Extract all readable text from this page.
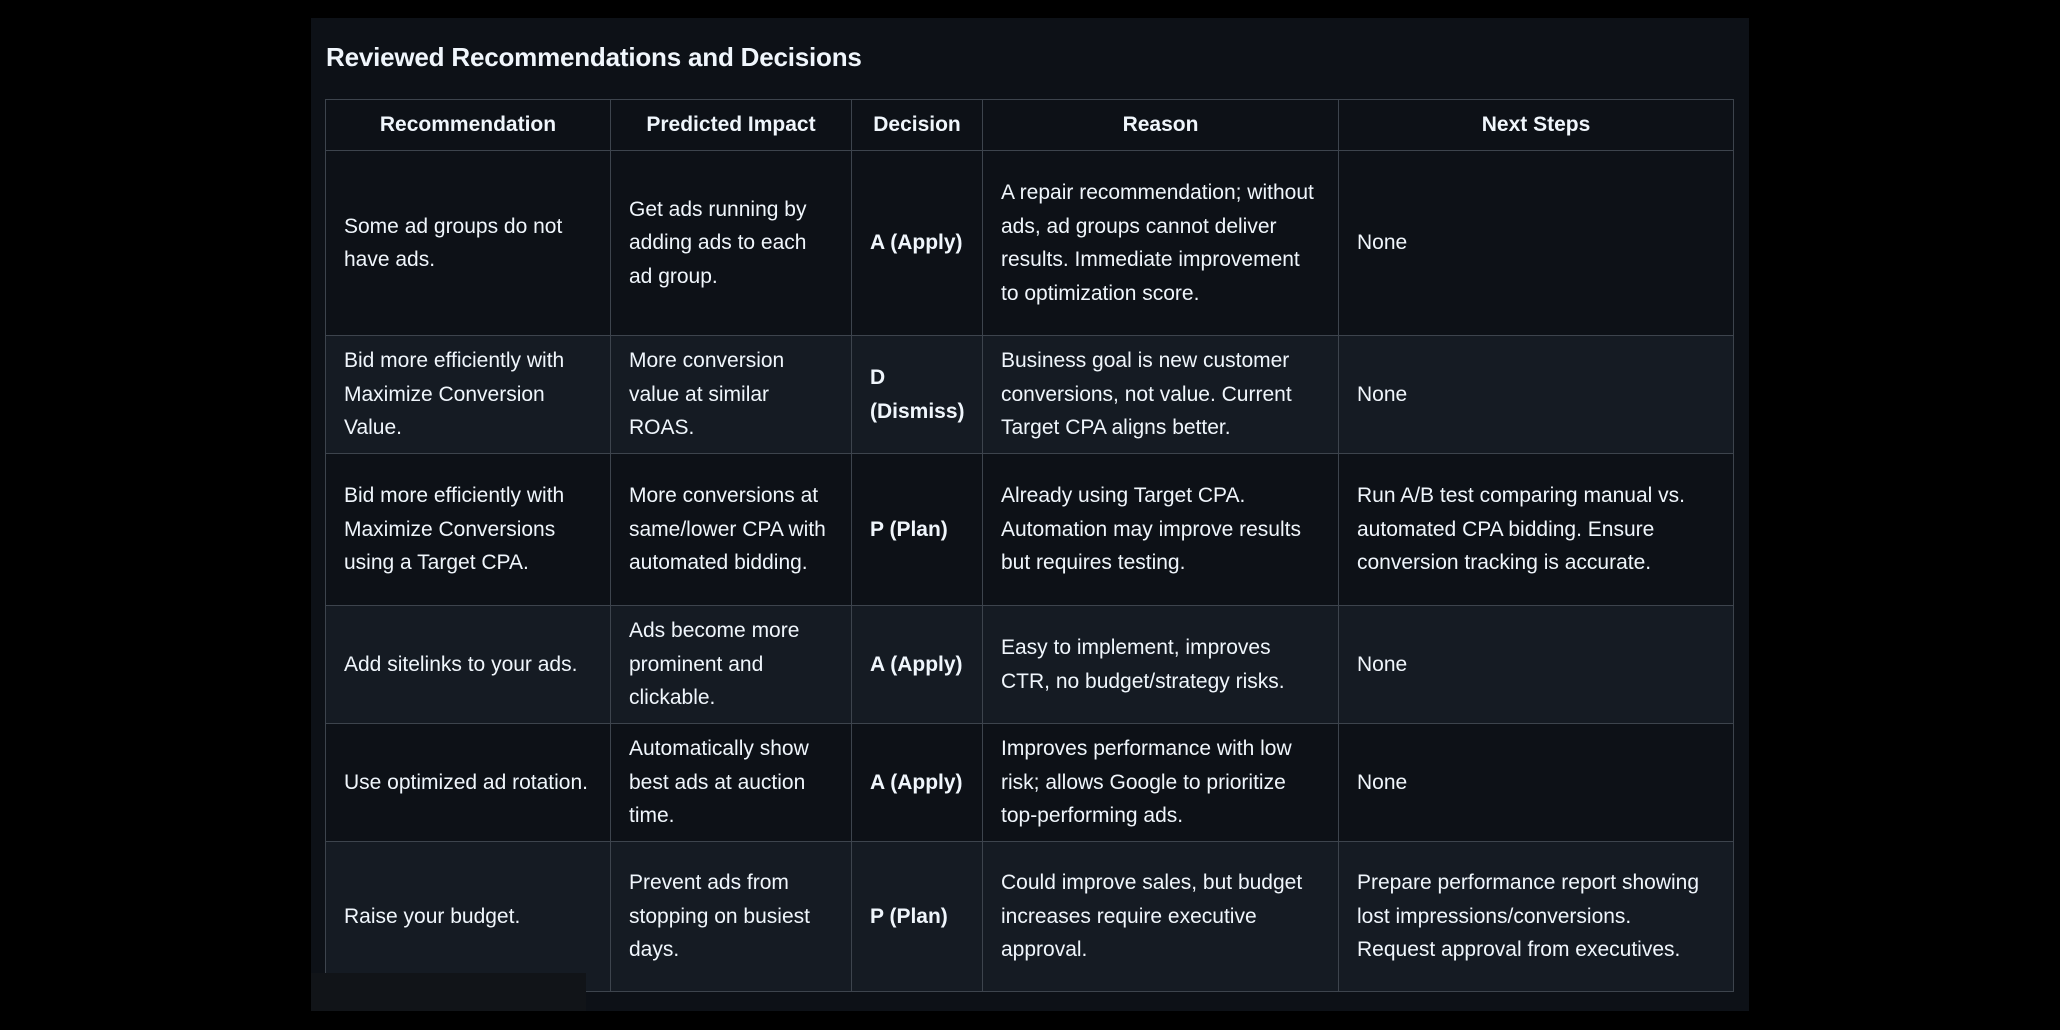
Reviewed Recommendations and Decisions
Recommendation	Predicted Impact	Decision	Reason	Next Steps
Some ad groups do not have ads.	Get ads running by adding ads to each ad group.	A (Apply)	A repair recommendation; without ads, ad groups cannot deliver results. Immediate improvement to optimization score.	None
Bid more efficiently with Maximize Conversion Value.	More conversion value at similar ROAS.	D (Dismiss)	Business goal is new customer conversions, not value. Current Target CPA aligns better.	None
Bid more efficiently with Maximize Conversions using a Target CPA.	More conversions at same/lower CPA with automated bidding.	P (Plan)	Already using Target CPA. Automation may improve results but requires testing.	Run A/B test comparing manual vs. automated CPA bidding. Ensure conversion tracking is accurate.
Add sitelinks to your ads.	Ads become more prominent and clickable.	A (Apply)	Easy to implement, improves CTR, no budget/strategy risks.	None
Use optimized ad rotation.	Automatically show best ads at auction time.	A (Apply)	Improves performance with low risk; allows Google to prioritize top-performing ads.	None
Raise your budget.	Prevent ads from stopping on busiest days.	P (Plan)	Could improve sales, but budget increases require executive approval.	Prepare performance report showing lost impressions/conversions. Request approval from executives.
